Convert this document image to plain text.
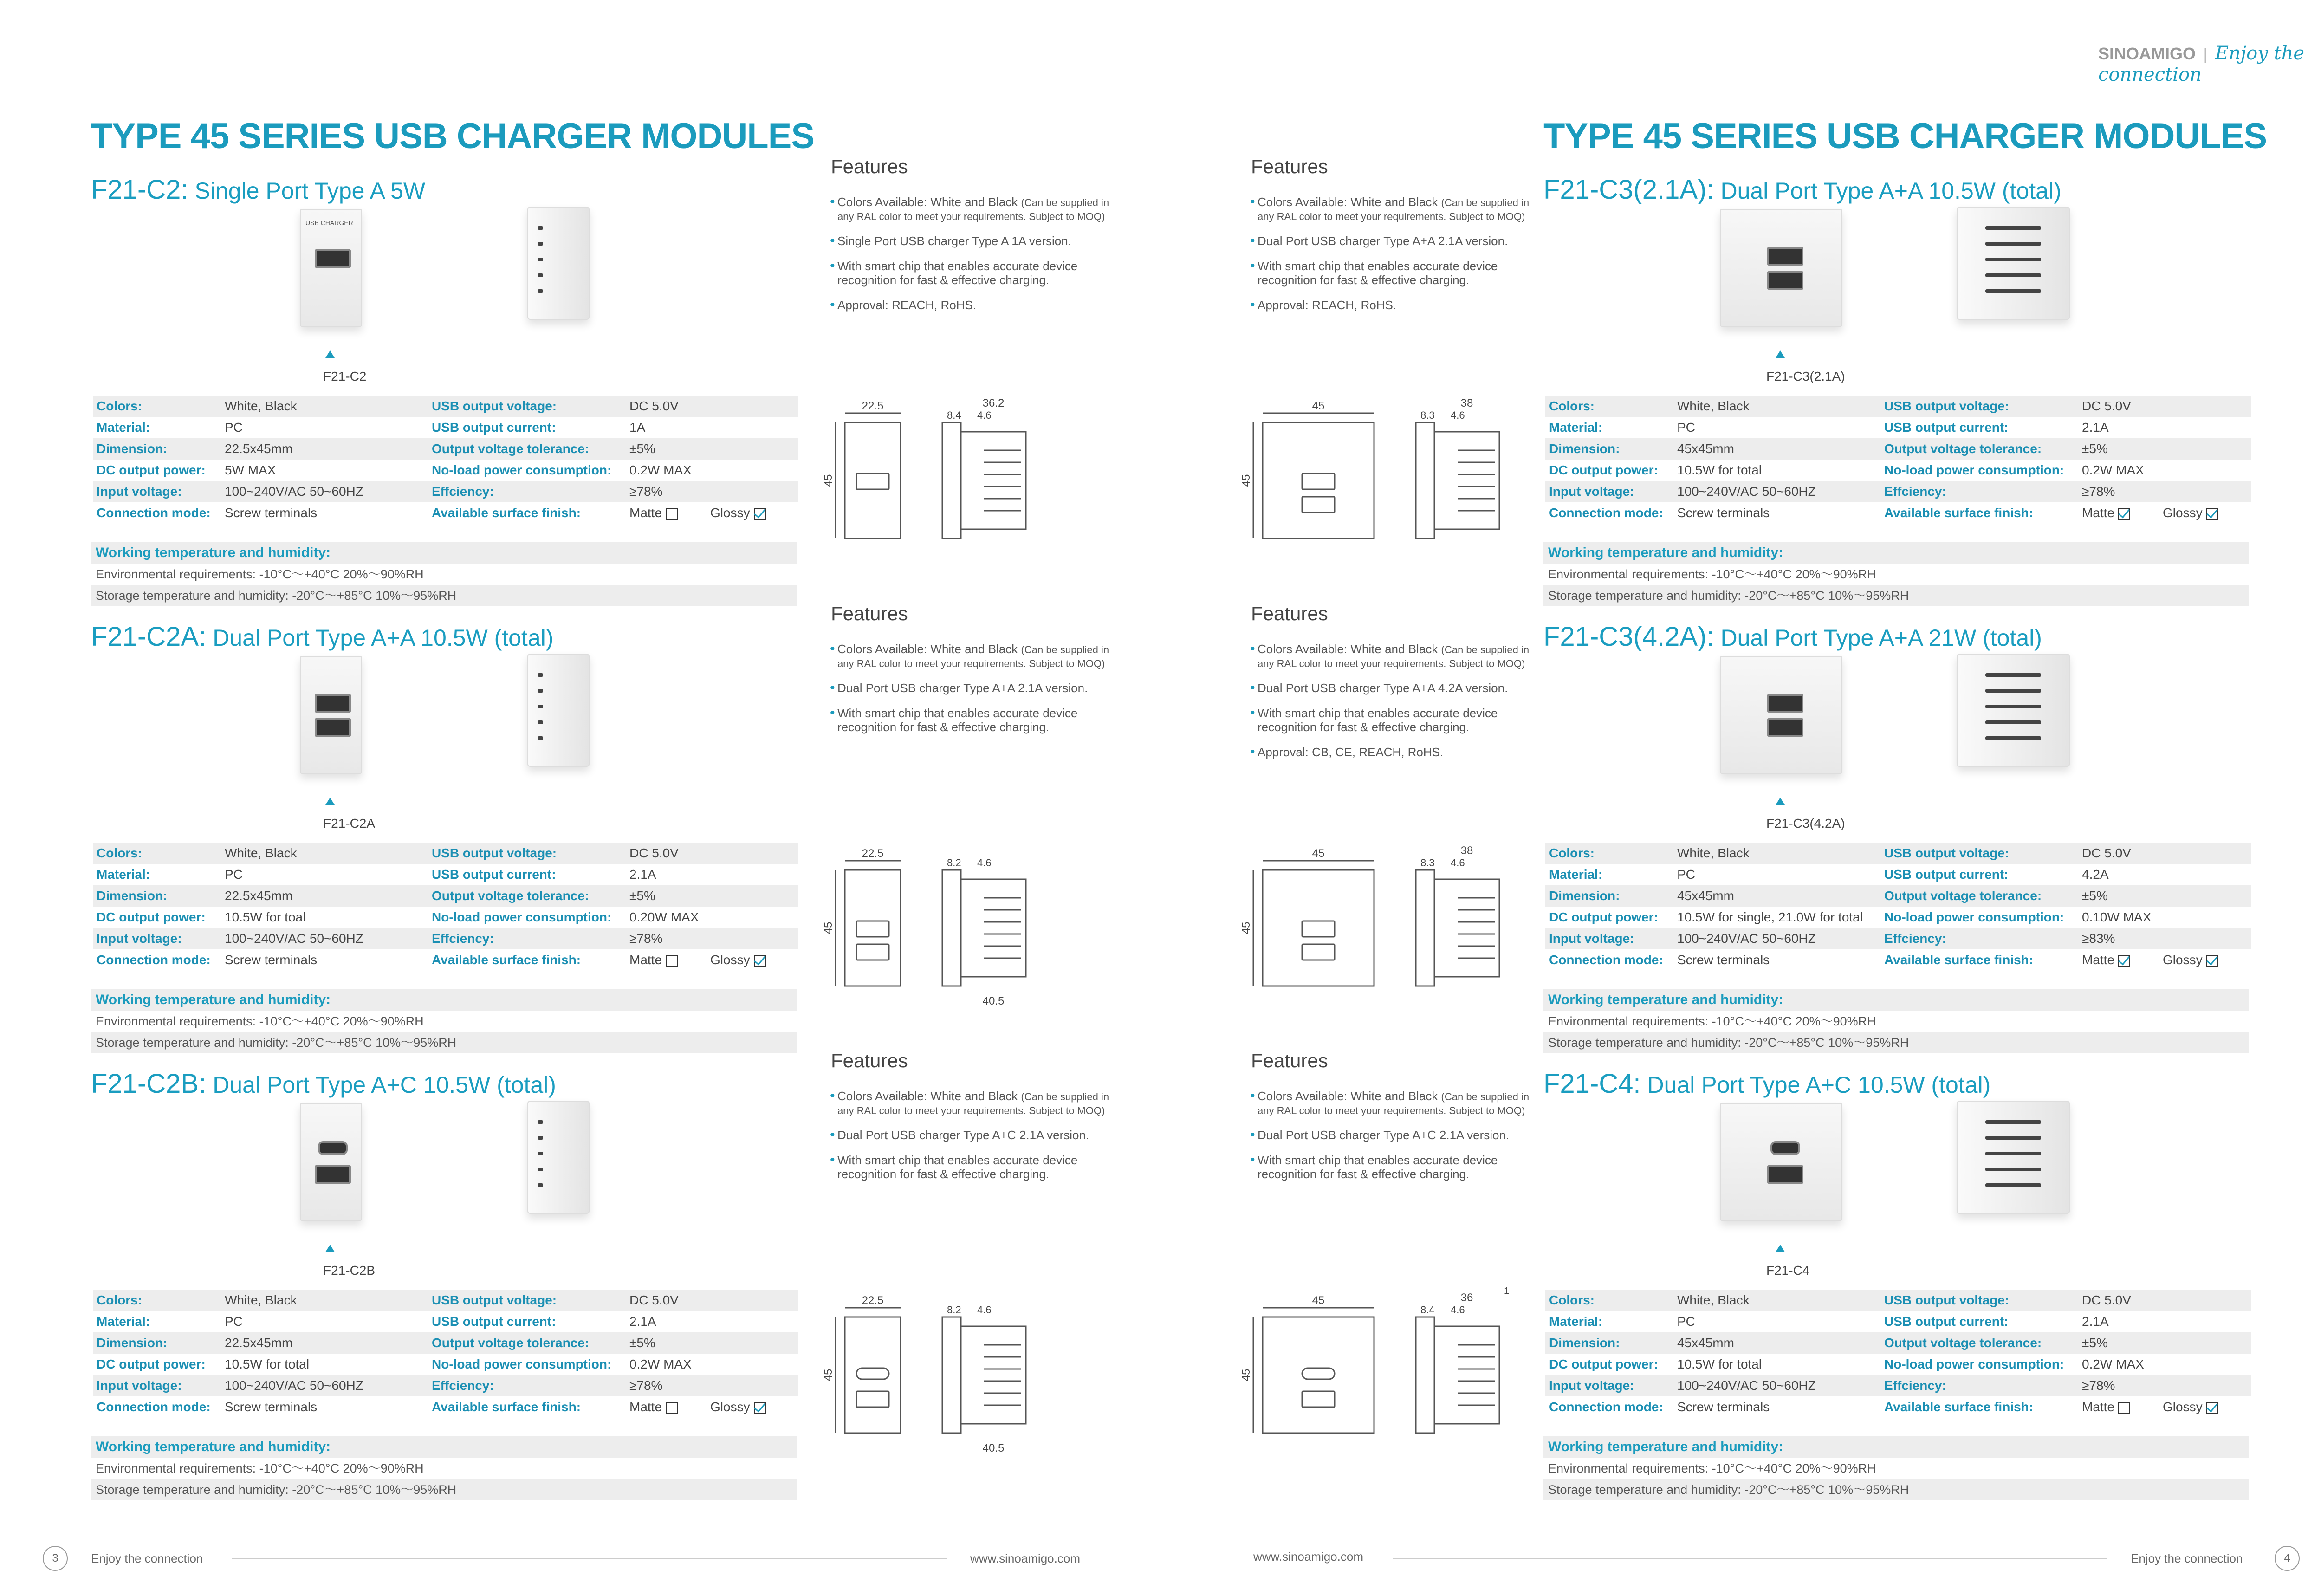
SINOAMIGO | Enjoy the connection
TYPE 45 SERIES USB CHARGER MODULES	TYPE 45 SERIES USB CHARGER MODULES
F21-C2: Single Port Type A 5W
USB CHARGER
F21-C2
Colors:	White, Black	USB output voltage:	DC 5.0V
Material:	PC	USB output current:	1A
Dimension:	22.5x45mm	Output voltage tolerance:	±5%
DC output power:	5W MAX	No-load power consumption:	0.2W MAX
Input voltage:	100~240V/AC 50~60HZ	Effciency:	≥78%
Connection mode:	Screw terminals	Available surface finish:	Matte Glossy
Working temperature and humidity:
Environmental requirements: -10°C～+40°C 20%～90%RH
Storage temperature and humidity: -20°C～+85°C 10%～95%RH
Features
• Colors Available: White and Black (Can be supplied in any RAL color to meet your requirements. Subject to MOQ)
• Single Port USB charger Type A 1A version.
• With smart chip that enables accurate device recognition for fast & effective charging.
• Approval: REACH, RoHS.
22.5
45
8.4 4.6
36.2
F21-C2A: Dual Port Type A+A 10.5W (total)
F21-C2A
Colors:	White, Black	USB output voltage:	DC 5.0V
Material:	PC	USB output current:	2.1A
Dimension:	22.5x45mm	Output voltage tolerance:	±5%
DC output power:	10.5W for toal	No-load power consumption:	0.20W MAX
Input voltage:	100~240V/AC 50~60HZ	Effciency:	≥78%
Connection mode:	Screw terminals	Available surface finish:	Matte Glossy
Working temperature and humidity:
Environmental requirements: -10°C～+40°C 20%～90%RH
Storage temperature and humidity: -20°C～+85°C 10%～95%RH
Features
• Colors Available: White and Black (Can be supplied in any RAL color to meet your requirements. Subject to MOQ)
• Dual Port USB charger Type A+A 2.1A version.
• With smart chip that enables accurate device recognition for fast & effective charging.
22.5
45
8.2 4.6
40.5
F21-C2B: Dual Port Type A+C 10.5W (total)
F21-C2B
Colors:	White, Black	USB output voltage:	DC 5.0V
Material:	PC	USB output current:	2.1A
Dimension:	22.5x45mm	Output voltage tolerance:	±5%
DC output power:	10.5W for total	No-load power consumption:	0.2W MAX
Input voltage:	100~240V/AC 50~60HZ	Effciency:	≥78%
Connection mode:	Screw terminals	Available surface finish:	Matte Glossy
Working temperature and humidity:
Environmental requirements: -10°C～+40°C 20%～90%RH
Storage temperature and humidity: -20°C～+85°C 10%～95%RH
Features
• Colors Available: White and Black (Can be supplied in any RAL color to meet your requirements. Subject to MOQ)
• Dual Port USB charger Type A+C 2.1A version.
• With smart chip that enables accurate device recognition for fast & effective charging.
22.5
45
8.2 4.6
40.5
F21-C3(2.1A): Dual Port Type A+A 10.5W (total)
F21-C3(2.1A)
Colors:	White, Black	USB output voltage:	DC 5.0V
Material:	PC	USB output current:	2.1A
Dimension:	45x45mm	Output voltage tolerance:	±5%
DC output power:	10.5W for total	No-load power consumption:	0.2W MAX
Input voltage:	100~240V/AC 50~60HZ	Effciency:	≥78%
Connection mode:	Screw terminals	Available surface finish:	Matte Glossy
Working temperature and humidity:
Environmental requirements: -10°C～+40°C 20%～90%RH
Storage temperature and humidity: -20°C～+85°C 10%～95%RH
Features
• Colors Available: White and Black (Can be supplied in any RAL color to meet your requirements. Subject to MOQ)
• Dual Port USB charger Type A+A 2.1A version.
• With smart chip that enables accurate device recognition for fast & effective charging.
• Approval: REACH, RoHS.
45
45
8.3 4.6
38
F21-C3(4.2A): Dual Port Type A+A 21W (total)
F21-C3(4.2A)
Colors:	White, Black	USB output voltage:	DC 5.0V
Material:	PC	USB output current:	4.2A
Dimension:	45x45mm	Output voltage tolerance:	±5%
DC output power:	10.5W for single, 21.0W for total	No-load power consumption:	0.10W MAX
Input voltage:	100~240V/AC 50~60HZ	Effciency:	≥83%
Connection mode:	Screw terminals	Available surface finish:	Matte Glossy
Working temperature and humidity:
Environmental requirements: -10°C～+40°C 20%～90%RH
Storage temperature and humidity: -20°C～+85°C 10%～95%RH
Features
• Colors Available: White and Black (Can be supplied in any RAL color to meet your requirements. Subject to MOQ)
• Dual Port USB charger Type A+A 4.2A version.
• With smart chip that enables accurate device recognition for fast & effective charging.
• Approval: CB, CE, REACH, RoHS.
45
45
8.3 4.6
38
F21-C4: Dual Port Type A+C 10.5W (total)
F21-C4
Colors:	White, Black	USB output voltage:	DC 5.0V
Material:	PC	USB output current:	2.1A
Dimension:	45x45mm	Output voltage tolerance:	±5%
DC output power:	10.5W for total	No-load power consumption:	0.2W MAX
Input voltage:	100~240V/AC 50~60HZ	Effciency:	≥78%
Connection mode:	Screw terminals	Available surface finish:	Matte Glossy
Working temperature and humidity:
Environmental requirements: -10°C～+40°C 20%～90%RH
Storage temperature and humidity: -20°C～+85°C 10%～95%RH
Features
• Colors Available: White and Black (Can be supplied in any RAL color to meet your requirements. Subject to MOQ)
• Dual Port USB charger Type A+C 2.1A version.
• With smart chip that enables accurate device recognition for fast & effective charging.
45
45
8.4 4.6
36
1
3	Enjoy the connection	www.sinoamigo.com	www.sinoamigo.com	Enjoy the connection	4
